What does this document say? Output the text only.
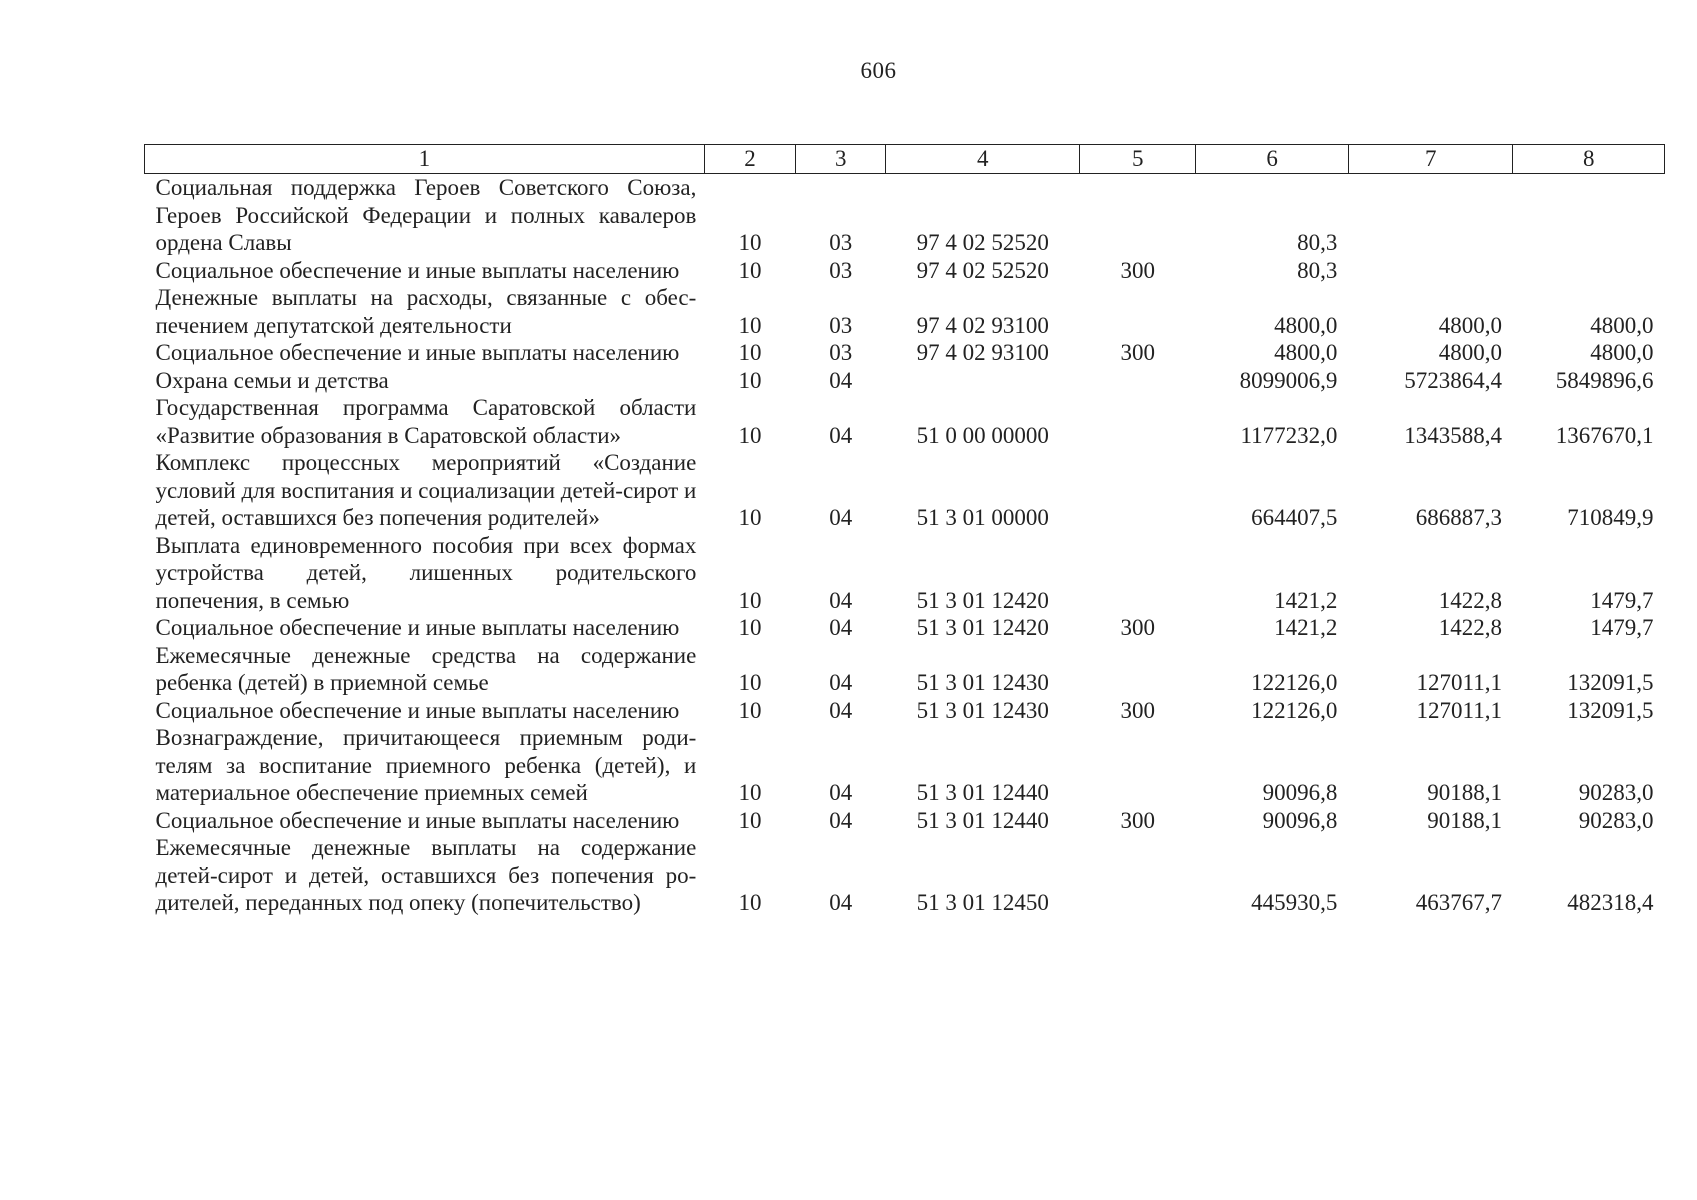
606
1	2	3	4	5	6	7	8
Социальная поддержка Героев Советского Союза, Героев Российской Федерации и полных кавалеров ордена Славы	10	03	97 4 02 52520		80,3		
Социальное обеспечение и иные выплаты населению	10	03	97 4 02 52520	300	80,3		
Денежные выплаты на расходы, связанные с обеспечением депутатской деятельности	10	03	97 4 02 93100		4800,0	4800,0	4800,0
Социальное обеспечение и иные выплаты населению	10	03	97 4 02 93100	300	4800,0	4800,0	4800,0
Охрана семьи и детства	10	04			8099006,9	5723864,4	5849896,6
Государственная программа Саратовской области «Развитие образования в Саратовской области»	10	04	51 0 00 00000		1177232,0	1343588,4	1367670,1
Комплекс процессных мероприятий «Создание условий для воспитания и социализации детей-сирот и детей, оставшихся без попечения родителей»	10	04	51 3 01 00000		664407,5	686887,3	710849,9
Выплата единовременного пособия при всех формах устройства детей, лишенных родительского попечения, в семью	10	04	51 3 01 12420		1421,2	1422,8	1479,7
Социальное обеспечение и иные выплаты населению	10	04	51 3 01 12420	300	1421,2	1422,8	1479,7
Ежемесячные денежные средства на содержание ребенка (детей) в приемной семье	10	04	51 3 01 12430		122126,0	127011,1	132091,5
Социальное обеспечение и иные выплаты населению	10	04	51 3 01 12430	300	122126,0	127011,1	132091,5
Вознаграждение, причитающееся приемным родителям за воспитание приемного ребенка (детей), и материальное обеспечение приемных семей	10	04	51 3 01 12440		90096,8	90188,1	90283,0
Социальное обеспечение и иные выплаты населению	10	04	51 3 01 12440	300	90096,8	90188,1	90283,0
Ежемесячные денежные выплаты на содержание детей-сирот и детей, оставшихся без попечения родителей, переданных под опеку (попечительство)	10	04	51 3 01 12450		445930,5	463767,7	482318,4
